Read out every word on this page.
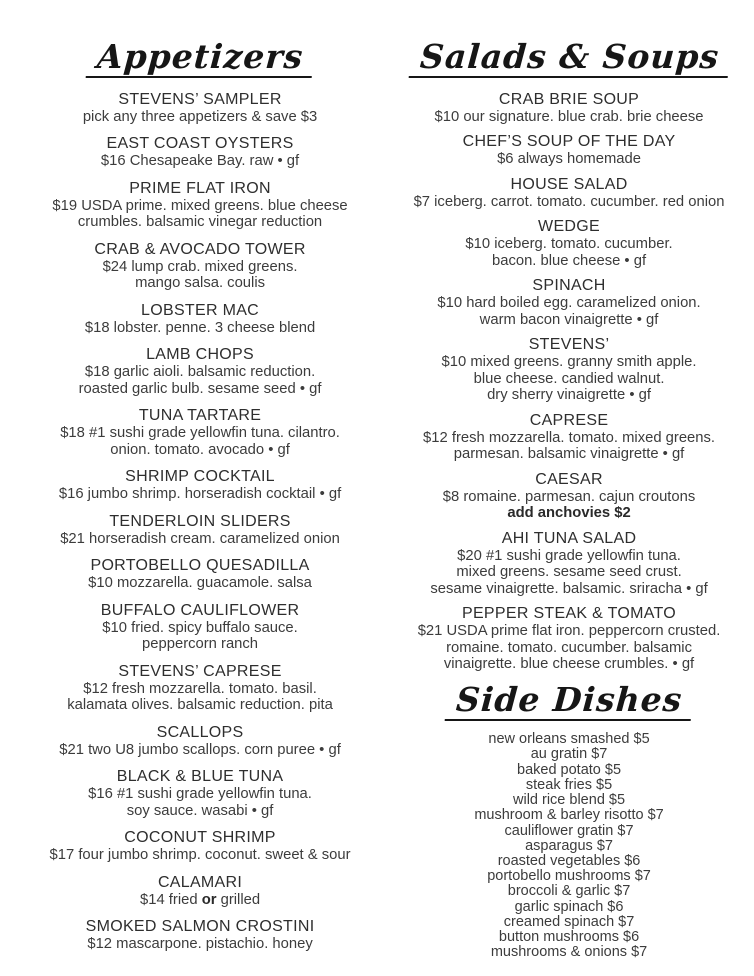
Appetizers
STEVENS’ SAMPLER
pick any three appetizers & save $3
EAST COAST OYSTERS
$16 Chesapeake Bay. raw • gf
PRIME FLAT IRON
$19 USDA prime. mixed greens. blue cheese
crumbles. balsamic vinegar reduction
CRAB & AVOCADO TOWER
$24 lump crab. mixed greens.
mango salsa. coulis
LOBSTER MAC
$18 lobster. penne. 3 cheese blend
LAMB CHOPS
$18 garlic aioli. balsamic reduction.
roasted garlic bulb. sesame seed • gf
TUNA TARTARE
$18 #1 sushi grade yellowfin tuna. cilantro.
onion. tomato. avocado • gf
SHRIMP COCKTAIL
$16 jumbo shrimp. horseradish cocktail • gf
TENDERLOIN SLIDERS
$21 horseradish cream. caramelized onion
PORTOBELLO QUESADILLA
$10 mozzarella. guacamole. salsa
BUFFALO CAULIFLOWER
$10 fried. spicy buffalo sauce.
peppercorn ranch
STEVENS’ CAPRESE
$12 fresh mozzarella. tomato. basil.
kalamata olives. balsamic reduction. pita
SCALLOPS
$21 two U8 jumbo scallops. corn puree • gf
BLACK & BLUE TUNA
$16 #1 sushi grade yellowfin tuna.
soy sauce. wasabi • gf
COCONUT SHRIMP
$17 four jumbo shrimp. coconut. sweet & sour
CALAMARI
$14 fried or grilled
SMOKED SALMON CROSTINI
$12 mascarpone. pistachio. honey
Salads & Soups
CRAB BRIE SOUP
$10 our signature. blue crab. brie cheese
CHEF’S SOUP OF THE DAY
$6 always homemade
HOUSE SALAD
$7 iceberg. carrot. tomato. cucumber. red onion
WEDGE
$10 iceberg. tomato. cucumber.
bacon. blue cheese • gf
SPINACH
$10 hard boiled egg. caramelized onion.
warm bacon vinaigrette • gf
STEVENS’
$10 mixed greens. granny smith apple.
blue cheese. candied walnut.
dry sherry vinaigrette • gf
CAPRESE
$12 fresh mozzarella. tomato. mixed greens.
parmesan. balsamic vinaigrette • gf
CAESAR
$8 romaine. parmesan. cajun croutons
add anchovies $2
AHI TUNA SALAD
$20 #1 sushi grade yellowfin tuna.
mixed greens. sesame seed crust.
sesame vinaigrette. balsamic. sriracha • gf
PEPPER STEAK & TOMATO
$21 USDA prime flat iron. peppercorn crusted.
romaine. tomato. cucumber. balsamic
vinaigrette. blue cheese crumbles. • gf
Side Dishes
new orleans smashed $5
au gratin $7
baked potato $5
steak fries $5
wild rice blend $5
mushroom & barley risotto $7
cauliflower gratin $7
asparagus $7
roasted vegetables $6
portobello mushrooms $7
broccoli & garlic $7
garlic spinach $6
creamed spinach $7
button mushrooms $6
mushrooms & onions $7
